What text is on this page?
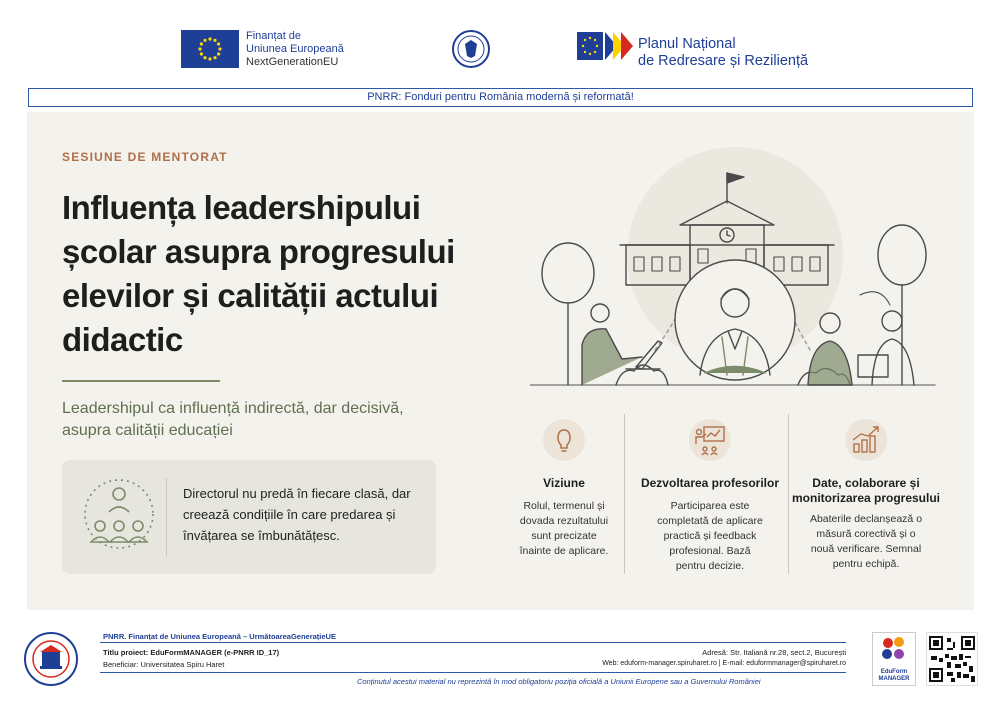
Finanțat de
Uniunea Europeană
NextGenerationEU
Planul Național
de Redresare și Reziliență
PNRR: Fonduri pentru România modernă și reformată!
SESIUNE DE MENTORAT
Influența leadershipului școlar asupra progresului elevilor și calității actului didactic
Leadershipul ca influență indirectă, dar decisivă, asupra calității educației
Directorul nu predă în fiecare clasă, dar creează condițiile în care predarea și învățarea se îmbunătățesc.
Viziune
Rolul, termenul și dovada rezultatului sunt precizate înainte de aplicare.
Dezvoltarea profesorilor
Participarea este completată de aplicare practică și feedback profesional. Bază pentru decizie.
Date, colaborare și monitorizarea progresului
Abaterile declanșează o măsură corectivă și o nouă verificare. Semnal pentru echipă.
PNRR. Finanțat de Uniunea Europeană – UrmătoareaGenerațieUE
Titlu proiect: EduFormMANAGER (e-PNRR ID_17)
Beneficiar: Universitatea Spiru Haret
Adresă: Str. Italiană nr.28, sect.2, București
Web: eduform-manager.spiruharet.ro | E-mail: eduformmanager@spiruharet.ro
Conținutul acestui material nu reprezintă în mod obligatoriu poziția oficială a Uniunii Europene sau a Guvernului României
EduForm
MANAGER
